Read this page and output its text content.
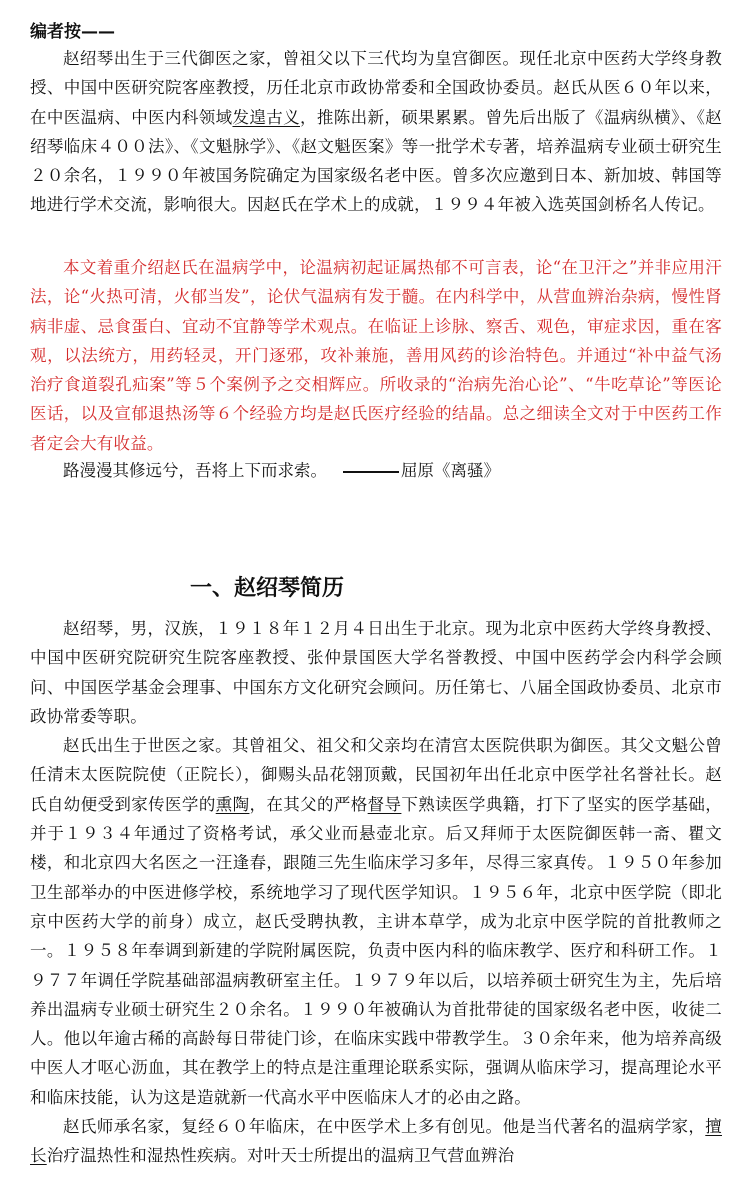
编者按——

赵绍琴出生于三代御医之家，曾祖父以下三代均为皇宫御医。现任北京中医药大学终身教授、中国中医研究院客座教授，历任北京市政协常委和全国政协委员。赵氏从医６０年以来，在中医温病、中医内科领域发遑古义，推陈出新，硕果累累。曾先后出版了《温病纵横》、《赵绍琴临床４００法》、《文魁脉学》、《赵文魁医案》等一批学术专著，培养温病专业硕士研究生２０余名，１９９０年被国务院确定为国家级名老中医。曾多次应邀到日本、新加坡、韩国等地进行学术交流，影响很大。因赵氏在学术上的成就，１９９４年被入选英国剑桥名人传记。

本文着重介绍赵氏在温病学中，论温病初起证属热郁不可言表，论“在卫汗之”并非应用汗法，论“火热可清，火郁当发”，论伏气温病有发于髓。在内科学中，从营血辨治杂病，慢性肾病非虚、忌食蛋白、宜动不宜静等学术观点。在临证上诊脉、察舌、观色，审症求因，重在客观，以法统方，用药轻灵，开门逐邪，攻补兼施，善用风药的诊治特色。并通过“补中益气汤治疗食道裂孔疝案”等５个案例予之交相辉应。所收录的“治病先治心论”、“牛吃草论”等医论医话，以及宣郁退热汤等６个经验方均是赵氏医疗经验的结晶。总之细读全文对于中医药工作者定会大有收益。

路漫漫其修远兮，吾将上下而求索。	屈原《离骚》
一、赵绍琴简历

赵绍琴，男，汉族，１９１８年１２月４日出生于北京。现为北京中医药大学终身教授、中国中医研究院研究生院客座教授、张仲景国医大学名誉教授、中国中医药学会内科学会顾问、中国医学基金会理事、中国东方文化研究会顾问。历任第七、八届全国政协委员、北京市政协常委等职。

赵氏出生于世医之家。其曾祖父、祖父和父亲均在清宫太医院供职为御医。其父文魁公曾任清末太医院院使（正院长），御赐头品花翎顶戴，民国初年出任北京中医学社名誉社长。赵氏自幼便受到家传医学的熏陶，在其父的严格督导下熟读医学典籍，打下了坚实的医学基础，并于１９３４年通过了资格考试，承父业而悬壶北京。后又拜师于太医院御医韩一斋、瞿文楼，和北京四大名医之一汪逢春，跟随三先生临床学习多年，尽得三家真传。１９５０年参加卫生部举办的中医进修学校，系统地学习了现代医学知识。１９５６年，北京中医学院（即北京中医药大学的前身）成立，赵氏受聘执教，主讲本草学，成为北京中医学院的首批教师之一。１９５８年奉调到新建的学院附属医院，负责中医内科的临床教学、医疗和科研工作。１９７７年调任学院基础部温病教研室主任。１９７９年以后，以培养硕士研究生为主，先后培养出温病专业硕士研究生２０余名。１９９０年被确认为首批带徒的国家级名老中医，收徒二人。他以年逾古稀的高龄每日带徒门诊，在临床实践中带教学生。３０余年来，他为培养高级中医人才呕心沥血，其在教学上的特点是注重理论联系实际，强调从临床学习，提高理论水平和临床技能，认为这是造就新一代高水平中医临床人才的必由之路。

赵氏师承名家，复经６０年临床，在中医学术上多有创见。他是当代著名的温病学家，擅长治疗温热性和湿热性疾病。对叶天士所提出的温病卫气营血辨治
